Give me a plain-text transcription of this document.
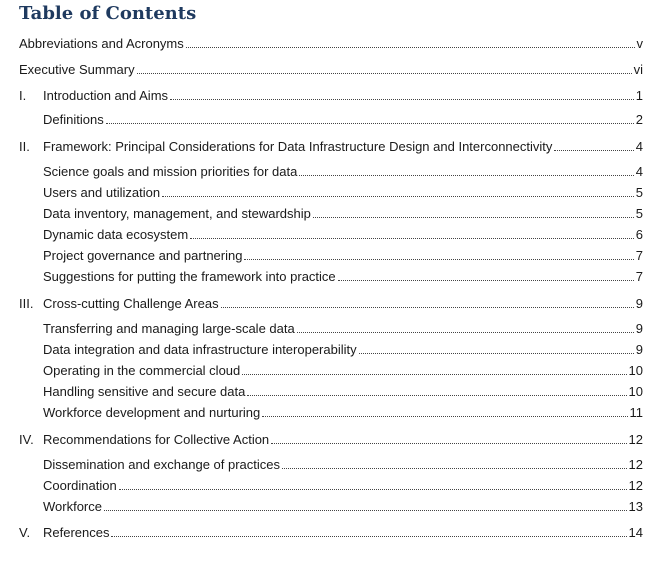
Table of Contents
Abbreviations and Acronyms	v
Executive Summary	vi
I.	Introduction and Aims	1
Definitions	2
II.	Framework: Principal Considerations for Data Infrastructure Design and Interconnectivity	4
Science goals and mission priorities for data	4
Users and utilization	5
Data inventory, management, and stewardship	5
Dynamic data ecosystem	6
Project governance and partnering	7
Suggestions for putting the framework into practice	7
III. Cross-cutting Challenge Areas	9
Transferring and managing large-scale data	9
Data integration and data infrastructure interoperability	9
Operating in the commercial cloud	10
Handling sensitive and secure data	10
Workforce development and nurturing	11
IV. Recommendations for Collective Action	12
Dissemination and exchange of practices	12
Coordination	12
Workforce	13
V. References	14
